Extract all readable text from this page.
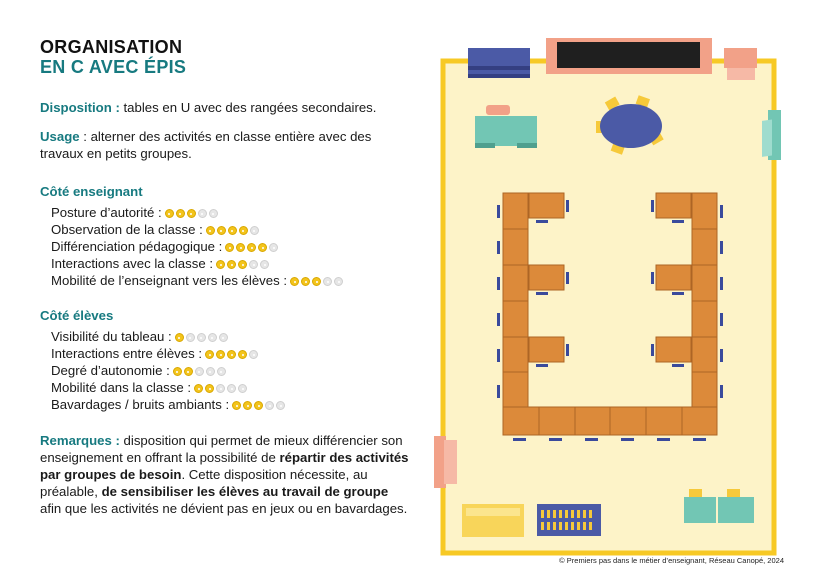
ORGANISATION
EN C AVEC ÉPIS
Disposition : tables en U avec des rangées secondaires.
Usage : alterner des activités en classe entière avec des travaux en petits groupes.
Côté enseignant
Posture d’autorité :
Observation de la classe :
Différenciation pédagogique :
Interactions avec la classe :
Mobilité de l’enseignant vers les élèves :
Côté élèves
Visibilité du tableau :
Interactions entre élèves :
Degré d’autonomie :
Mobilité dans la classe :
Bavardages / bruits ambiants :
Remarques : disposition qui permet de mieux différencier son enseignement en offrant la possibilité de répartir des activités par groupes de besoin. Cette disposition nécessite, au préalable, de sensibiliser les élèves au travail de groupe afin que les activités ne dévient pas en jeux ou en bavardages.
© Premiers pas dans le métier d’enseignant, Réseau Canopé, 2024
